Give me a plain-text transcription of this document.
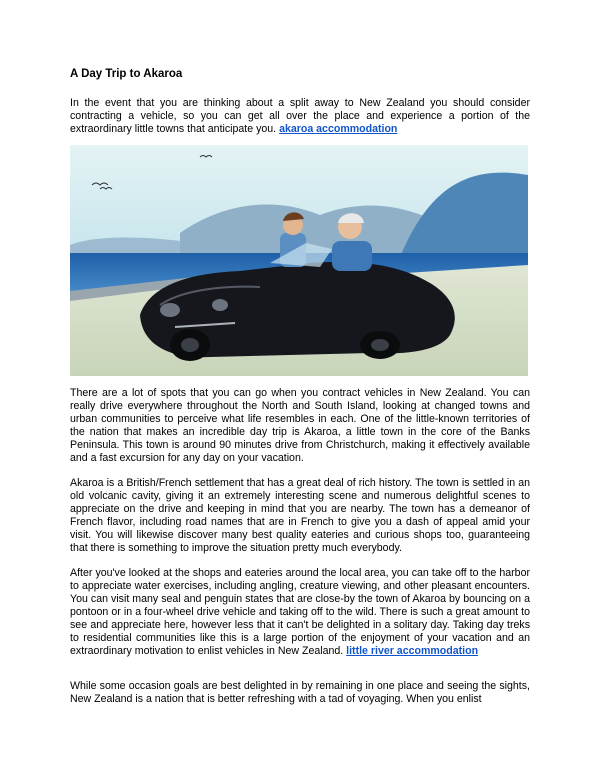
A Day Trip to Akaroa

In the event that you are thinking about a split away to New Zealand you should consider contracting a vehicle, so you can get all over the place and experience a portion of the extraordinary little towns that anticipate you. akaroa accommodation

There are a lot of spots that you can go when you contract vehicles in New Zealand. You can really drive everywhere throughout the North and South Island, looking at changed towns and urban communities to perceive what life resembles in each. One of the little-known territories of the nation that makes an incredible day trip is Akaroa, a little town in the core of the Banks Peninsula. This town is around 90 minutes drive from Christchurch, making it effectively available and a fast excursion for any day on your vacation.

Akaroa is a British/French settlement that has a great deal of rich history. The town is settled in an old volcanic cavity, giving it an extremely interesting scene and numerous delightful scenes to appreciate on the drive and keeping in mind that you are nearby. The town has a demeanor of French flavor, including road names that are in French to give you a dash of appeal amid your visit. You will likewise discover many best quality eateries and curious shops too, guaranteeing that there is something to improve the situation pretty much everybody.

After you've looked at the shops and eateries around the local area, you can take off to the harbor to appreciate water exercises, including angling, creature viewing, and other pleasant encounters. You can visit many seal and penguin states that are close-by the town of Akaroa by bouncing on a pontoon or in a four-wheel drive vehicle and taking off to the wild. There is such a great amount to see and appreciate here, however less that it can't be delighted in a solitary day. Taking day treks to residential communities like this is a large portion of the enjoyment of your vacation and an extraordinary motivation to enlist vehicles in New Zealand. little river accommodation

While some occasion goals are best delighted in by remaining in one place and seeing the sights, New Zealand is a nation that is better refreshing with a tad of voyaging. When you enlist
